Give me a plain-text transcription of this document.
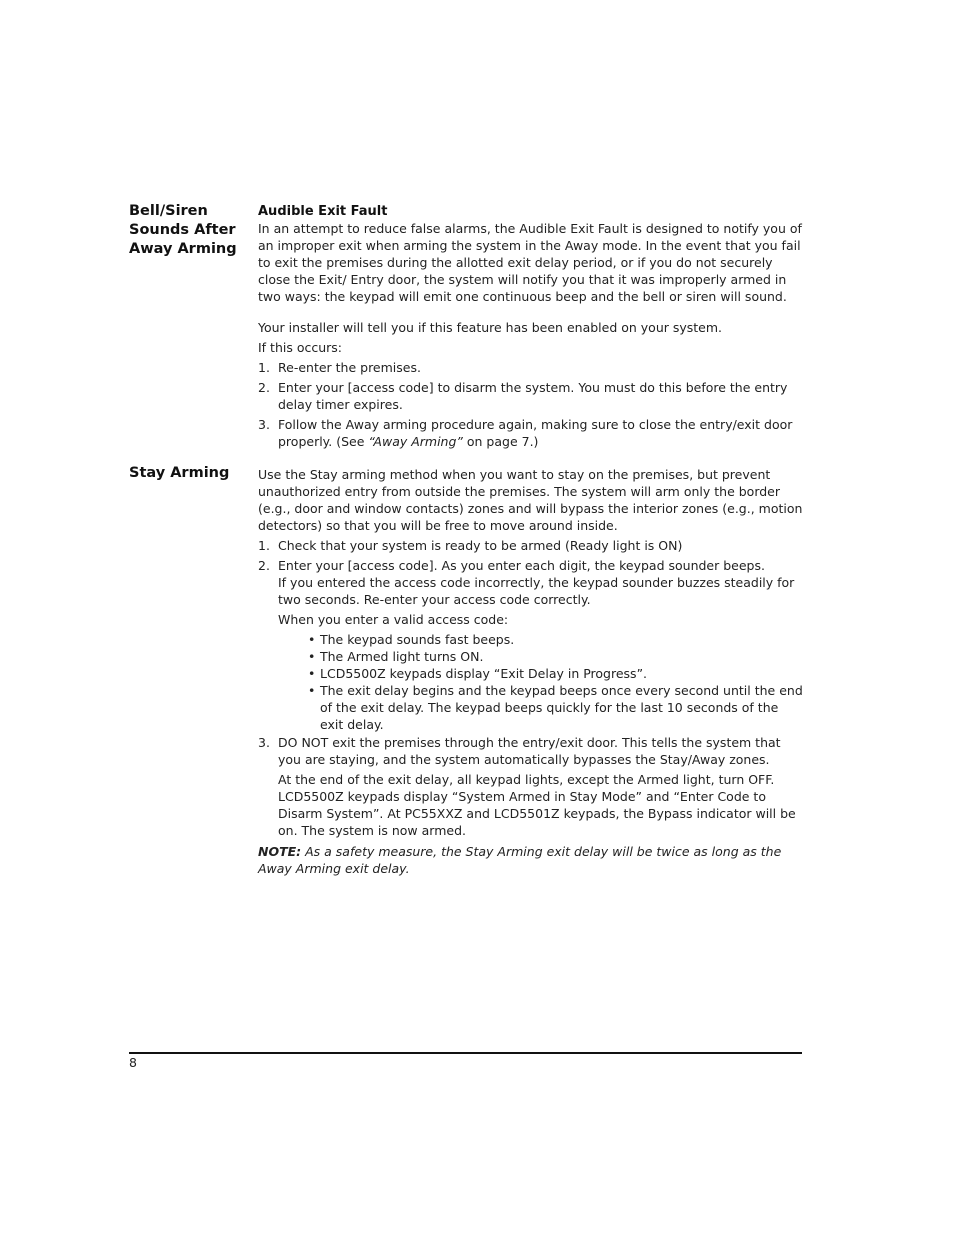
Bell/Siren
Sounds After
Away Arming

Audible Exit Fault

In an attempt to reduce false alarms, the Audible Exit Fault is designed to notify you of an improper exit when arming the system in the Away mode. In the event that you fail to exit the premises during the allotted exit delay period, or if you do not securely close the Exit/ Entry door, the system will notify you that it was improperly armed in two ways: the keypad will emit one continuous beep and the bell or siren will sound.

Your installer will tell you if this feature has been enabled on your system.

If this occurs:

1. Re-enter the premises.
2. Enter your [access code] to disarm the system. You must do this before the entry delay timer expires.
3. Follow the Away arming procedure again, making sure to close the entry/exit door properly. (See “Away Arming” on page 7.)
Stay Arming	Use the Stay arming method when you want to stay on the premises, but prevent unauthorized entry from outside the premises. The system will arm only the border (e.g., door and window contacts) zones and will bypass the interior zones (e.g., motion detectors) so that you will be free to move around inside.

1. Check that your system is ready to be armed (Ready light is ON)
2. Enter your [access code]. As you enter each digit, the keypad sounder beeps.

If you entered the access code incorrectly, the keypad sounder buzzes steadily for two seconds. Re-enter your access code correctly.

When you enter a valid access code:

• The keypad sounds fast beeps.
• The Armed light turns ON.
• LCD5500Z keypads display “Exit Delay in Progress”.
• The exit delay begins and the keypad beeps once every second until the end of the exit delay. The keypad beeps quickly for the last 10 seconds of the exit delay.
3. DO NOT exit the premises through the entry/exit door. This tells the system that you are staying, and the system automatically bypasses the Stay/Away zones.

At the end of the exit delay, all keypad lights, except the Armed light, turn OFF. LCD5500Z keypads display “System Armed in Stay Mode” and “Enter Code to Disarm System”. At PC55XXZ and LCD5501Z keypads, the Bypass indicator will be on. The system is now armed.

NOTE: As a safety measure, the Stay Arming exit delay will be twice as long as the Away Arming exit delay.

8
